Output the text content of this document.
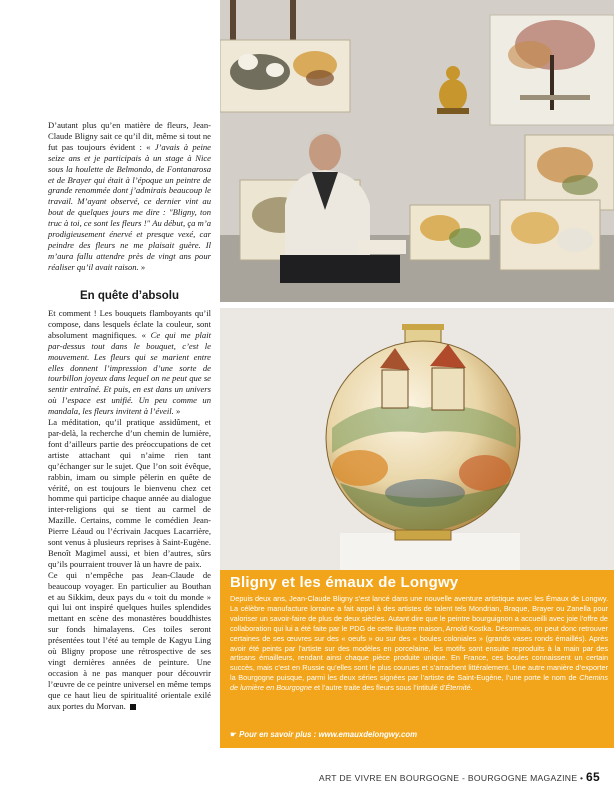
D’autant plus qu’en matière de fleurs, Jean-Claude Bligny sait ce qu’il dit, même si tout ne fut pas toujours évident : « J’avais à peine seize ans et je participais à un stage à Nice sous la houlette de Belmondo, de Fontanarosa et de Brayer qui était à l’époque un peintre de grande renommée dont j’admirais beaucoup le travail. M’ayant observé, ce dernier vint au bout de quelques jours me dire : "Bligny, ton truc à toi, ce sont les fleurs !" Au début, ça m’a prodigieusement énervé et presque vexé, car peindre des fleurs ne me plaisait guère. Il m’aura fallu attendre près de vingt ans pour réaliser qu’il avait raison. »

En quête d’absolu

Et comment ! Les bouquets flamboyants qu’il compose, dans lesquels éclate la couleur, sont absolument magnifiques. « Ce qui me plait par-dessus tout dans le bouquet, c’est le mouvement. Les fleurs qui se marient entre elles donnent l’impression d’une sorte de tourbillon joyeux dans lequel on ne peut que se sentir entraîné. Et puis, en est dans un univers où l’espace est unifié. Un peu comme un mandala, les fleurs invitent à l’éveil. »

La méditation, qu’il pratique assidûment, et par-delà, la recherche d’un chemin de lumière, font d’ailleurs partie des préoccupations de cet artiste attachant qui n’aime rien tant qu’échanger sur le sujet. Que l’on soit évêque, rabbin, imam ou simple pèlerin en quête de vérité, on est toujours le bienvenu chez cet homme qui participe chaque année au dialogue inter-religions qui se tient au carmel de Mazille. Certains, comme le comédien Jean-Pierre Léaud ou l’écrivain Jacques Lacarrière, sont venus à plusieurs reprises à Saint-Eugène. Benoît Magimel aussi, et bien d’autres, sûrs qu’ils pourraient trouver là un havre de paix.

Ce qui n’empêche pas Jean-Claude de beaucoup voyager. En particulier au Bouthan et au Sikkim, deux pays du « toit du monde » qui lui ont inspiré quelques huiles splendides mettant en scène des monastères bouddhistes sur fonds himalayens. Ces toiles seront présentées tout l’été au temple de Kagyu Ling où Bligny propose une rétrospective de ses vingt dernières années de peinture. Une occasion à ne pas manquer pour découvrir l’œuvre de ce peintre universel en même temps que ce haut lieu de spiritualité orientale exilé aux portes du Morvan.

Bligny et les émaux de Longwy
Depuis deux ans, Jean-Claude Bligny s’est lancé dans une nouvelle aventure artistique avec les Émaux de Longwy. La célèbre manufacture lorraine a fait appel à des artistes de talent tels Mondrian, Braque, Brayer ou Zanella pour valoriser un savoir-faire de plus de deux siècles. Autant dire que le peintre bourguignon a accueilli avec joie l’offre de collaboration qui lui a été faite par le PDG de cette illustre maison, Arnold Kostka. Désormais, on peut donc retrouver certaines de ses œuvres sur des « oeufs » ou sur des « boules coloniales » (grands vases ronds émaillés). Après avoir été peints par l’artiste sur des modèles en porcelaine, les motifs sont ensuite reproduits à la main par des artisans émailleurs, rendant ainsi chaque pièce produite unique. En France, ces boules connaissent un certain succès, mais c’est en Russie qu’elles sont le plus courues et s’arrachent littéralement. Une autre manière d’exporter la Bourgogne puisque, parmi les deux séries signées par l’artiste de Saint-Eugène, l’une porte le nom de Chemins de lumière en Bourgogne et l’autre traite des fleurs sous l’intitulé d’Éternité.
☛ Pour en savoir plus : www.emauxdelongwy.com
ART DE VIVRE EN BOURGOGNE - BOURGOGNE MAGAZINE • 65
